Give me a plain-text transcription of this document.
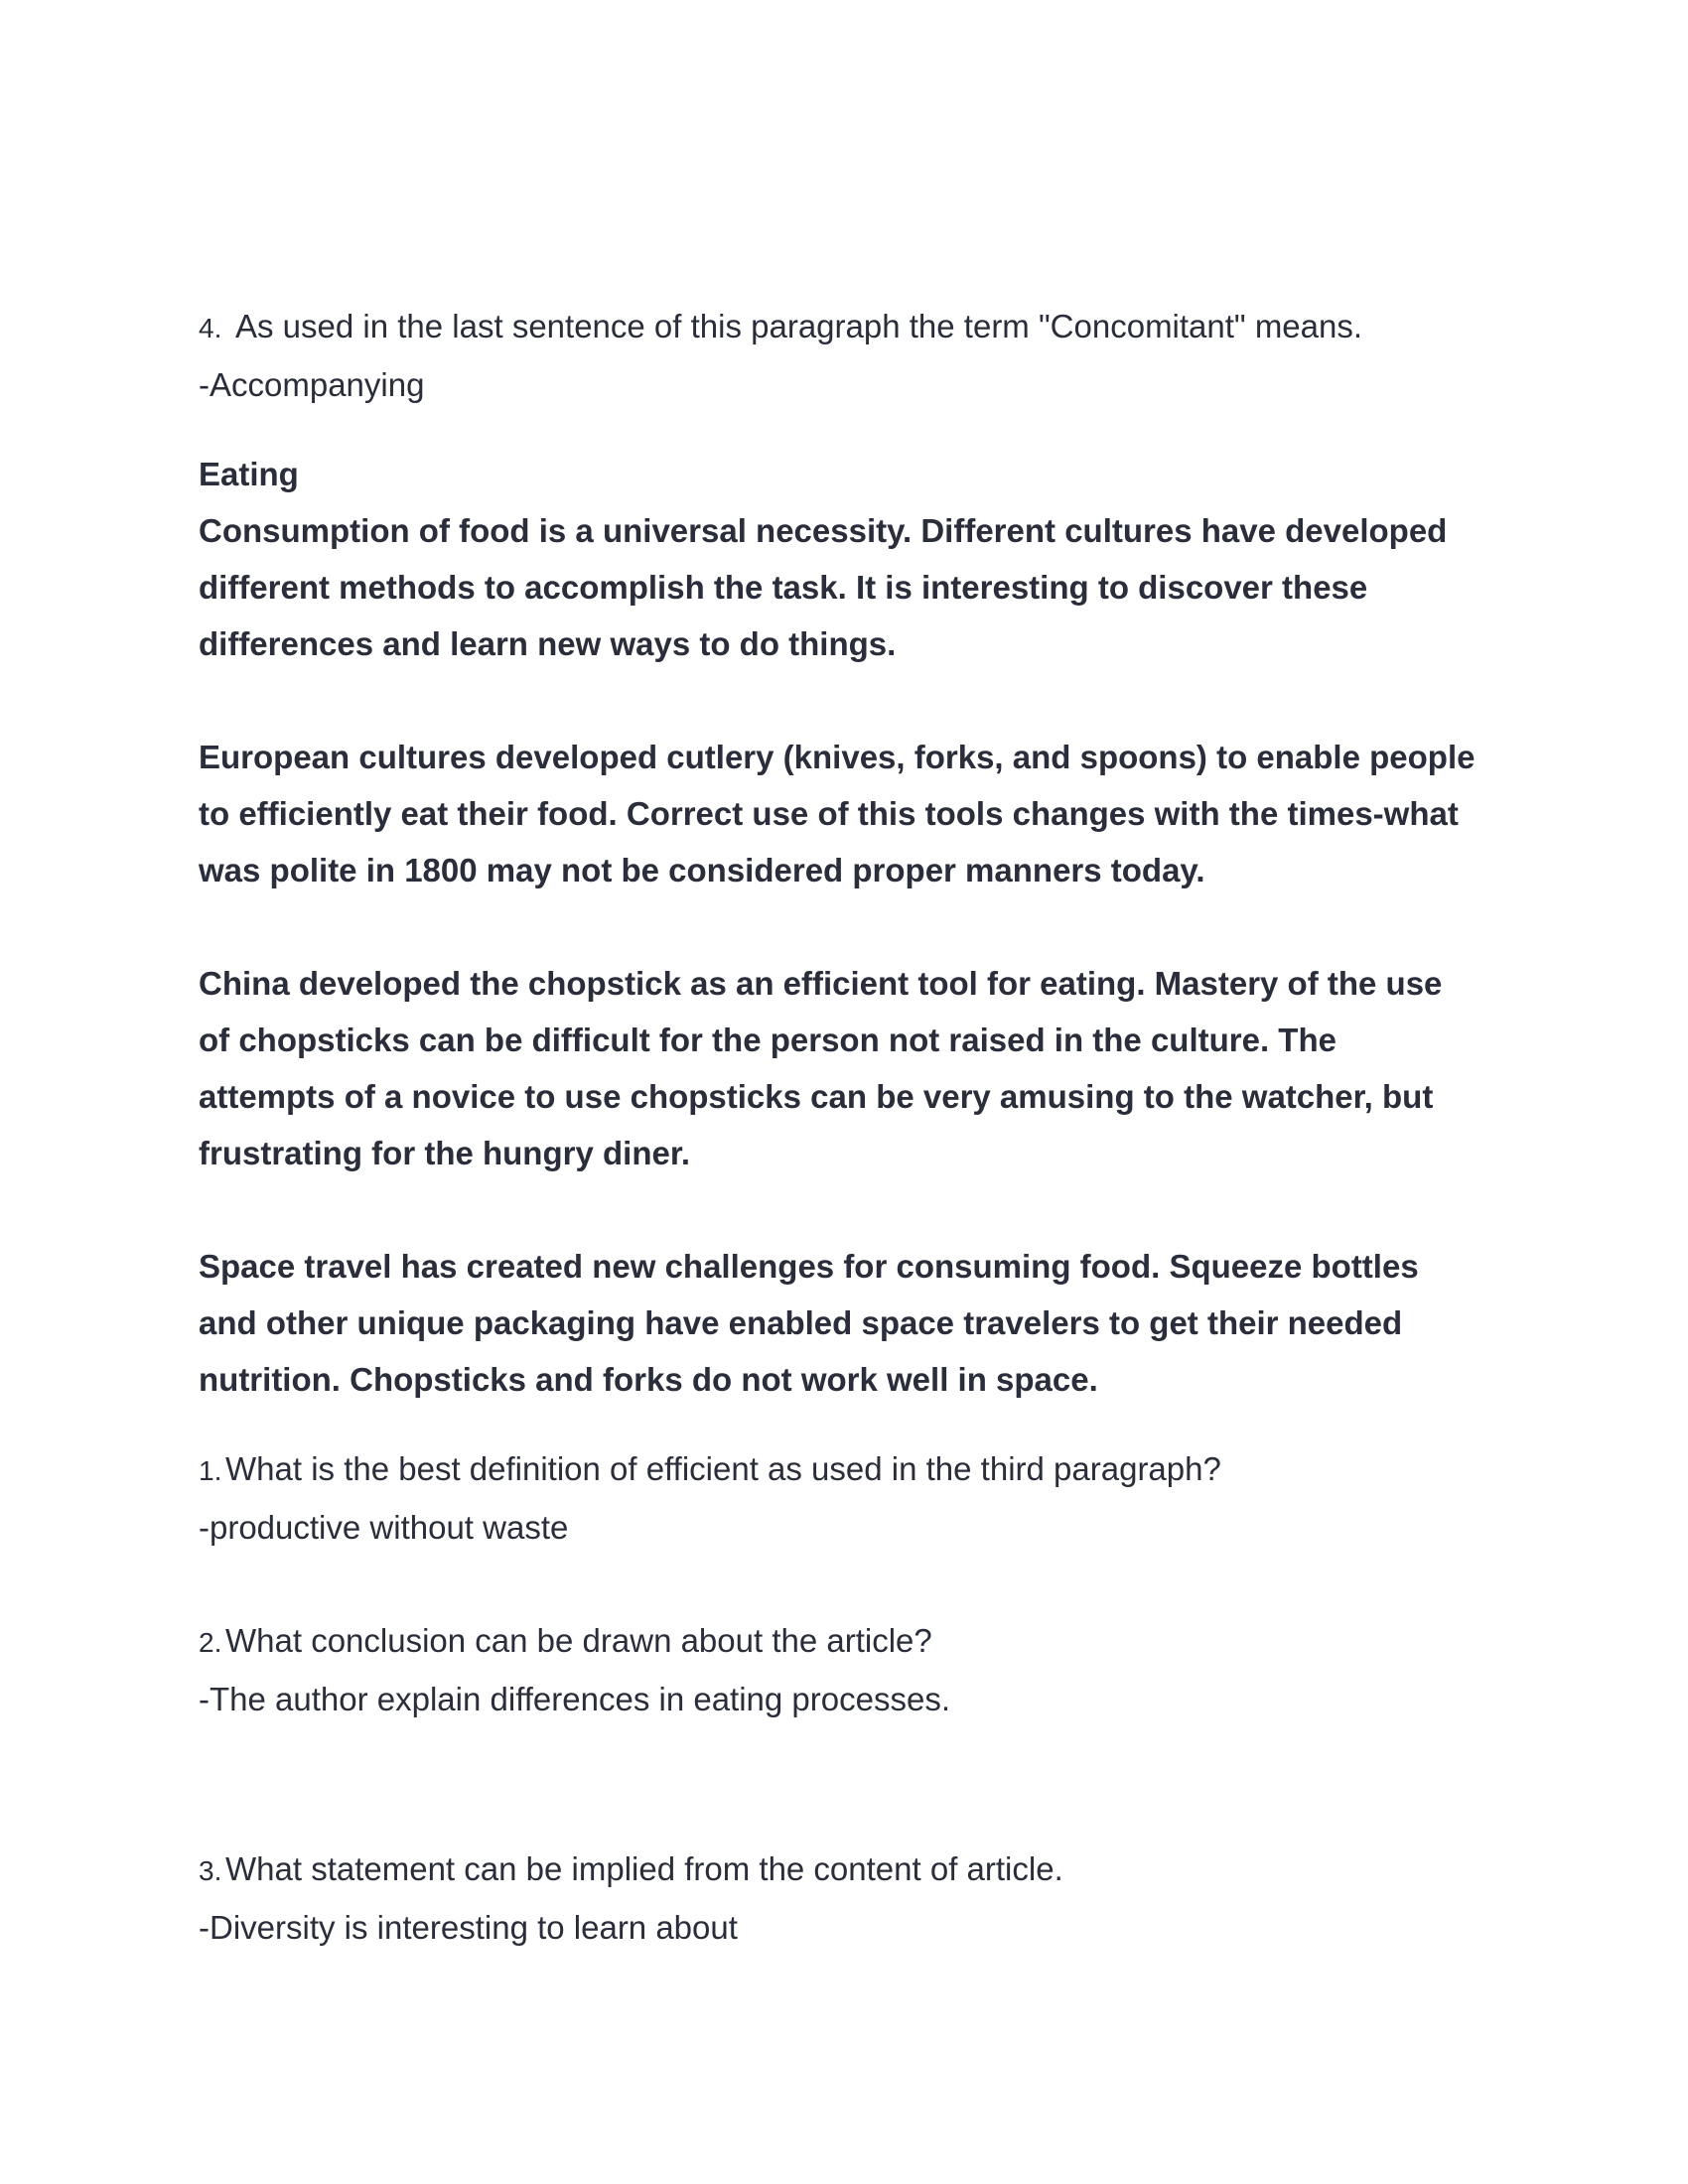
4. As used in the last sentence of this paragraph the term "Concomitant" means.
-Accompanying
Eating
Consumption of food is a universal necessity. Different cultures have developed
different methods to accomplish the task. It is interesting to discover these
differences and learn new ways to do things.
European cultures developed cutlery (knives, forks, and spoons) to enable people
to efficiently eat their food. Correct use of this tools changes with the times-what
was polite in 1800 may not be considered proper manners today.
China developed the chopstick as an efficient tool for eating. Mastery of the use
of chopsticks can be difficult for the person not raised in the culture. The
attempts of a novice to use chopsticks can be very amusing to the watcher, but
frustrating for the hungry diner.
Space travel has created new challenges for consuming food. Squeeze bottles
and other unique packaging have enabled space travelers to get their needed
nutrition. Chopsticks and forks do not work well in space.
1. What is the best definition of efficient as used in the third paragraph?
-productive without waste
2. What conclusion can be drawn about the article?
-The author explain differences in eating processes.
3. What statement can be implied from the content of article.
-Diversity is interesting to learn about
